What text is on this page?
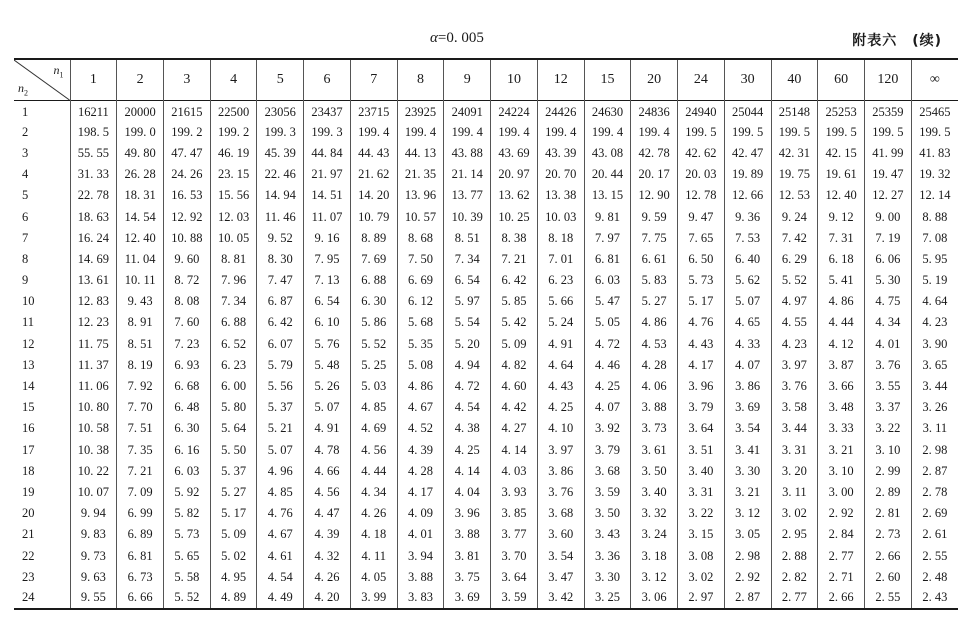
α=0. 005	附表六　(续)
$n_1$
$n_2$	1	2	3	4	5	6	7	8	9	10	12	15	20	24	30	40	60	120	∞
1	16211	20000	21615	22500	23056	23437	23715	23925	24091	24224	24426	24630	24836	24940	25044	25148	25253	25359	25465
2	198. 5	199. 0	199. 2	199. 2	199. 3	199. 3	199. 4	199. 4	199. 4	199. 4	199. 4	199. 4	199. 4	199. 5	199. 5	199. 5	199. 5	199. 5	199. 5
3	55. 55	49. 80	47. 47	46. 19	45. 39	44. 84	44. 43	44. 13	43. 88	43. 69	43. 39	43. 08	42. 78	42. 62	42. 47	42. 31	42. 15	41. 99	41. 83
4	31. 33	26. 28	24. 26	23. 15	22. 46	21. 97	21. 62	21. 35	21. 14	20. 97	20. 70	20. 44	20. 17	20. 03	19. 89	19. 75	19. 61	19. 47	19. 32
5	22. 78	18. 31	16. 53	15. 56	14. 94	14. 51	14. 20	13. 96	13. 77	13. 62	13. 38	13. 15	12. 90	12. 78	12. 66	12. 53	12. 40	12. 27	12. 14
6	18. 63	14. 54	12. 92	12. 03	11. 46	11. 07	10. 79	10. 57	10. 39	10. 25	10. 03	9. 81	9. 59	9. 47	9. 36	9. 24	9. 12	9. 00	8. 88
7	16. 24	12. 40	10. 88	10. 05	9. 52	9. 16	8. 89	8. 68	8. 51	8. 38	8. 18	7. 97	7. 75	7. 65	7. 53	7. 42	7. 31	7. 19	7. 08
8	14. 69	11. 04	9. 60	8. 81	8. 30	7. 95	7. 69	7. 50	7. 34	7. 21	7. 01	6. 81	6. 61	6. 50	6. 40	6. 29	6. 18	6. 06	5. 95
9	13. 61	10. 11	8. 72	7. 96	7. 47	7. 13	6. 88	6. 69	6. 54	6. 42	6. 23	6. 03	5. 83	5. 73	5. 62	5. 52	5. 41	5. 30	5. 19
10	12. 83	9. 43	8. 08	7. 34	6. 87	6. 54	6. 30	6. 12	5. 97	5. 85	5. 66	5. 47	5. 27	5. 17	5. 07	4. 97	4. 86	4. 75	4. 64
11	12. 23	8. 91	7. 60	6. 88	6. 42	6. 10	5. 86	5. 68	5. 54	5. 42	5. 24	5. 05	4. 86	4. 76	4. 65	4. 55	4. 44	4. 34	4. 23
12	11. 75	8. 51	7. 23	6. 52	6. 07	5. 76	5. 52	5. 35	5. 20	5. 09	4. 91	4. 72	4. 53	4. 43	4. 33	4. 23	4. 12	4. 01	3. 90
13	11. 37	8. 19	6. 93	6. 23	5. 79	5. 48	5. 25	5. 08	4. 94	4. 82	4. 64	4. 46	4. 28	4. 17	4. 07	3. 97	3. 87	3. 76	3. 65
14	11. 06	7. 92	6. 68	6. 00	5. 56	5. 26	5. 03	4. 86	4. 72	4. 60	4. 43	4. 25	4. 06	3. 96	3. 86	3. 76	3. 66	3. 55	3. 44
15	10. 80	7. 70	6. 48	5. 80	5. 37	5. 07	4. 85	4. 67	4. 54	4. 42	4. 25	4. 07	3. 88	3. 79	3. 69	3. 58	3. 48	3. 37	3. 26
16	10. 58	7. 51	6. 30	5. 64	5. 21	4. 91	4. 69	4. 52	4. 38	4. 27	4. 10	3. 92	3. 73	3. 64	3. 54	3. 44	3. 33	3. 22	3. 11
17	10. 38	7. 35	6. 16	5. 50	5. 07	4. 78	4. 56	4. 39	4. 25	4. 14	3. 97	3. 79	3. 61	3. 51	3. 41	3. 31	3. 21	3. 10	2. 98
18	10. 22	7. 21	6. 03	5. 37	4. 96	4. 66	4. 44	4. 28	4. 14	4. 03	3. 86	3. 68	3. 50	3. 40	3. 30	3. 20	3. 10	2. 99	2. 87
19	10. 07	7. 09	5. 92	5. 27	4. 85	4. 56	4. 34	4. 17	4. 04	3. 93	3. 76	3. 59	3. 40	3. 31	3. 21	3. 11	3. 00	2. 89	2. 78
20	9. 94	6. 99	5. 82	5. 17	4. 76	4. 47	4. 26	4. 09	3. 96	3. 85	3. 68	3. 50	3. 32	3. 22	3. 12	3. 02	2. 92	2. 81	2. 69
21	9. 83	6. 89	5. 73	5. 09	4. 67	4. 39	4. 18	4. 01	3. 88	3. 77	3. 60	3. 43	3. 24	3. 15	3. 05	2. 95	2. 84	2. 73	2. 61
22	9. 73	6. 81	5. 65	5. 02	4. 61	4. 32	4. 11	3. 94	3. 81	3. 70	3. 54	3. 36	3. 18	3. 08	2. 98	2. 88	2. 77	2. 66	2. 55
23	9. 63	6. 73	5. 58	4. 95	4. 54	4. 26	4. 05	3. 88	3. 75	3. 64	3. 47	3. 30	3. 12	3. 02	2. 92	2. 82	2. 71	2. 60	2. 48
24	9. 55	6. 66	5. 52	4. 89	4. 49	4. 20	3. 99	3. 83	3. 69	3. 59	3. 42	3. 25	3. 06	2. 97	2. 87	2. 77	2. 66	2. 55	2. 43
